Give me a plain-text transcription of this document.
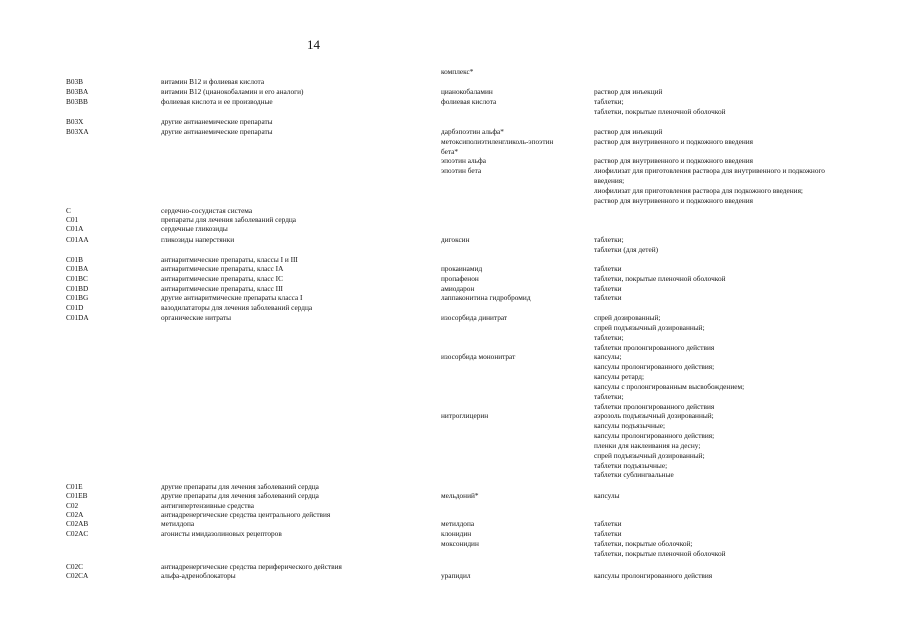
14
комплекс*
B03B	витамин B12 и фолиевая кислота
B03BA	витамин B12 (цианокобаламин и его аналоги)	цианокобаламин	раствор для инъекций
B03BB	фолиевая кислота и ее производные	фолиевая кислота	таблетки;
таблетки, покрытые пленочной оболочкой
B03X	другие антианемические препараты
B03XA	другие антианемические препараты	дарбэпоэтин альфа*	раствор для инъекций
метоксиполиэтиленгликоль-эпоэтин	раствор для внутривенного и подкожного введения
бета*
эпоэтин альфа	раствор для внутривенного и подкожного введения
эпоэтин бета	лиофилизат для приготовления раствора для внутривенного и подкожного
введения;
лиофилизат для приготовления раствора для подкожного введения;
раствор для внутривенного и подкожного введения
C	сердечно-сосудистая система
C01	препараты для лечения заболеваний сердца
C01A	сердечные гликозиды
C01AA	гликозиды наперстянки	дигоксин	таблетки;
таблетки (для детей)
C01B	антиаритмические препараты, классы I и III
C01BA	антиаритмические препараты, класс IA	прокаинамид	таблетки
C01BC	антиаритмические препараты, класс IC	пропафенон	таблетки, покрытые пленочной оболочкой
C01BD	антиаритмические препараты, класс III	амиодарон	таблетки
C01BG	другие антиаритмические препараты класса I	лаппаконитина гидробромид	таблетки
C01D	вазодилататоры для лечения заболеваний сердца
C01DA	органические нитраты	изосорбида динитрат	спрей дозированный;
спрей подъязычный дозированный;
таблетки;
таблетки пролонгированного действия
изосорбида мононитрат	капсулы;
капсулы пролонгированного действия;
капсулы ретард;
капсулы с пролонгированным высвобождением;
таблетки;
таблетки пролонгированного действия
нитроглицерин	аэрозоль подъязычный дозированный;
капсулы подъязычные;
капсулы пролонгированного действия;
пленки для наклеивания на десну;
спрей подъязычный дозированный;
таблетки подъязычные;
таблетки сублингвальные
C01E	другие препараты для лечения заболеваний сердца
C01EB	другие препараты для лечения заболеваний сердца	мельдоний*	капсулы
C02	антигипертензивные средства
C02A	антиадренергические средства центрального действия
C02AB	метилдопа	метилдопа	таблетки
C02AC	агонисты имидазолиновых рецепторов	клонидин	таблетки
моксонидин	таблетки, покрытые оболочкой;
таблетки, покрытые пленочной оболочкой
C02C	антиадренергические средства периферического действия
C02CA	альфа-адреноблокаторы	урапидил	капсулы пролонгированного действия
